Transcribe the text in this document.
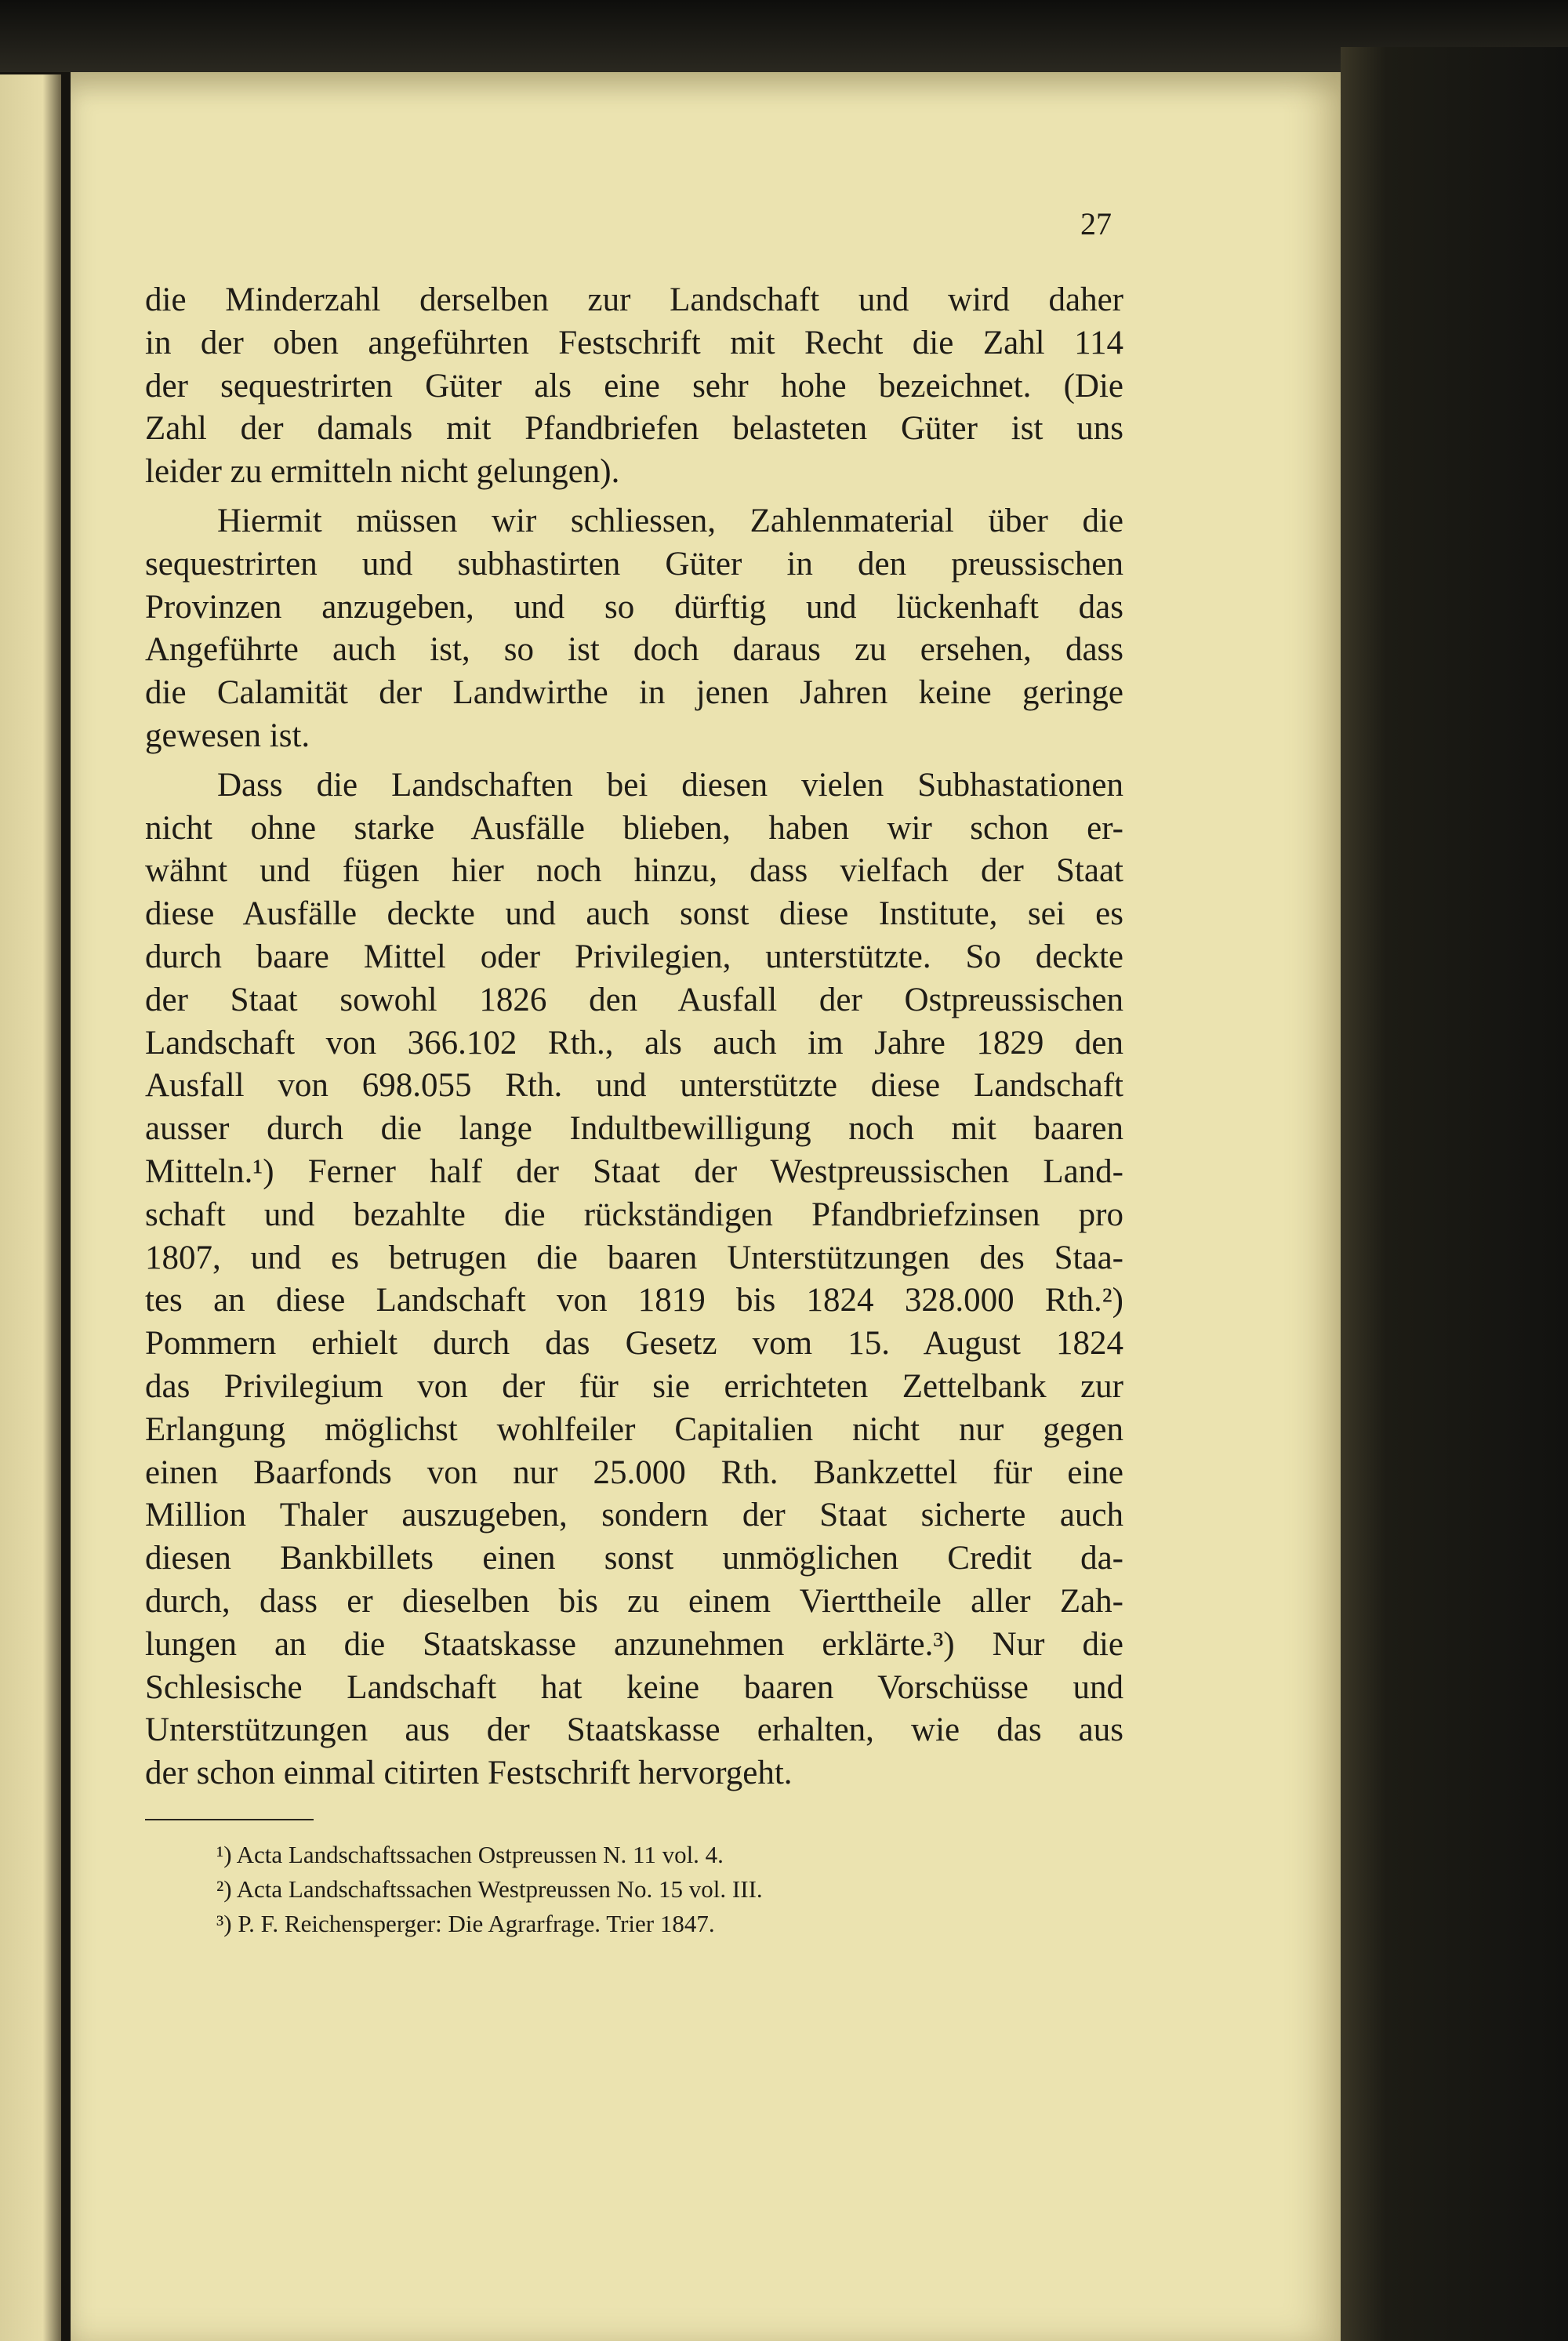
27
die Minderzahl derselben zur Landschaft und wird daher
in der oben angeführten Festschrift mit Recht die Zahl 114
der sequestrirten Güter als eine sehr hohe bezeichnet. (Die
Zahl der damals mit Pfandbriefen belasteten Güter ist uns
leider zu ermitteln nicht gelungen).
Hiermit müssen wir schliessen, Zahlenmaterial über die
sequestrirten und subhastirten Güter in den preussischen
Provinzen anzugeben, und so dürftig und lückenhaft das
Angeführte auch ist, so ist doch daraus zu ersehen, dass
die Calamität der Landwirthe in jenen Jahren keine geringe
gewesen ist.
Dass die Landschaften bei diesen vielen Subhastationen
nicht ohne starke Ausfälle blieben, haben wir schon er-
wähnt und fügen hier noch hinzu, dass vielfach der Staat
diese Ausfälle deckte und auch sonst diese Institute, sei es
durch baare Mittel oder Privilegien, unterstützte. So deckte
der Staat sowohl 1826 den Ausfall der Ostpreussischen
Landschaft von 366.102 Rth., als auch im Jahre 1829 den
Ausfall von 698.055 Rth. und unterstützte diese Landschaft
ausser durch die lange Indultbewilligung noch mit baaren
Mitteln.¹) Ferner half der Staat der Westpreussischen Land-
schaft und bezahlte die rückständigen Pfandbriefzinsen pro
1807, und es betrugen die baaren Unterstützungen des Staa-
tes an diese Landschaft von 1819 bis 1824 328.000 Rth.²)
Pommern erhielt durch das Gesetz vom 15. August 1824
das Privilegium von der für sie errichteten Zettelbank zur
Erlangung möglichst wohlfeiler Capitalien nicht nur gegen
einen Baarfonds von nur 25.000 Rth. Bankzettel für eine
Million Thaler auszugeben, sondern der Staat sicherte auch
diesen Bankbillets einen sonst unmöglichen Credit da-
durch, dass er dieselben bis zu einem Vierttheile aller Zah-
lungen an die Staatskasse anzunehmen erklärte.³) Nur die
Schlesische Landschaft hat keine baaren Vorschüsse und
Unterstützungen aus der Staatskasse erhalten, wie das aus
der schon einmal citirten Festschrift hervorgeht.
¹) Acta Landschaftssachen Ostpreussen N. 11 vol. 4.
²) Acta Landschaftssachen Westpreussen No. 15 vol. III.
³) P. F. Reichensperger: Die Agrarfrage. Trier 1847.
